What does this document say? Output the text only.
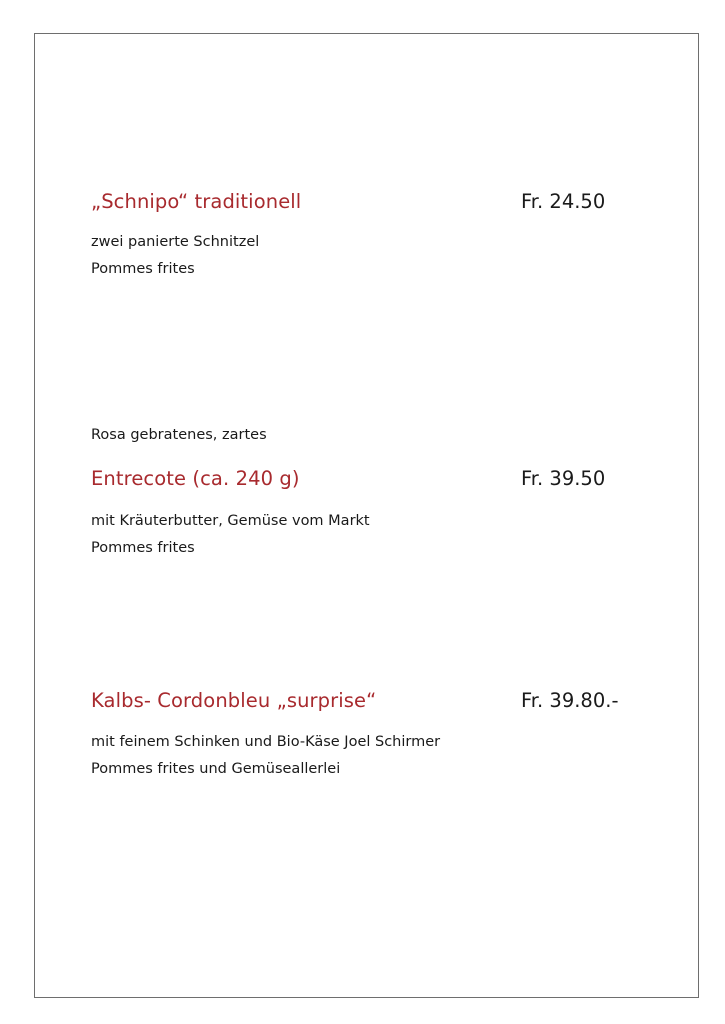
„Schnipo“ traditionell	Fr. 24.50
zwei panierte Schnitzel
Pommes frites
Rosa gebratenes, zartes
Entrecote (ca. 240 g)	Fr. 39.50
mit Kräuterbutter, Gemüse vom Markt
Pommes frites
Kalbs- Cordonbleu „surprise“	Fr. 39.80.-
mit feinem Schinken und Bio-Käse Joel Schirmer
Pommes frites und Gemüseallerlei
